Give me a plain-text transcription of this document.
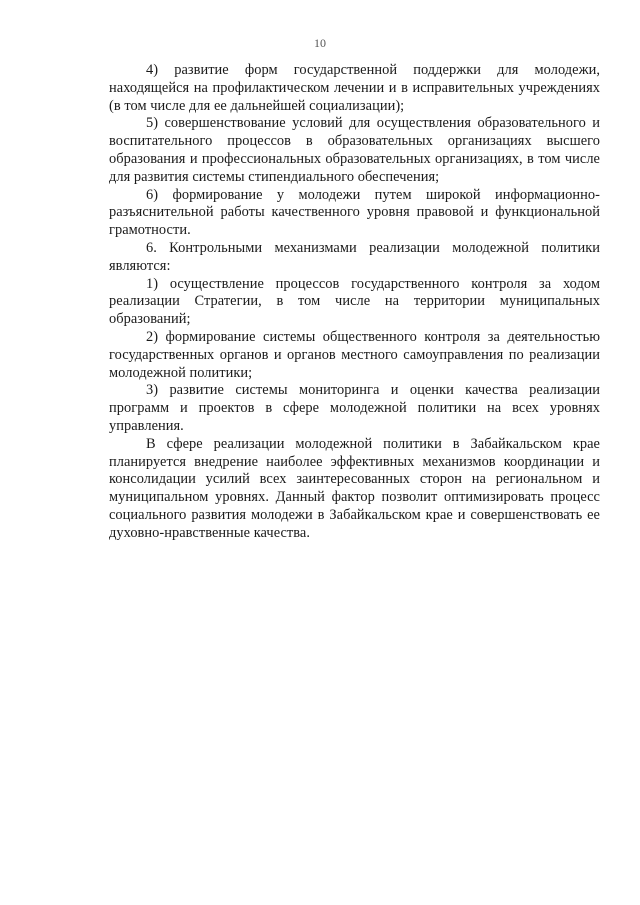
10

4) развитие форм государственной поддержки для молодежи, находящейся на профилактическом лечении и в исправительных учреждениях (в том числе для ее дальнейшей социализации);

5) совершенствование условий для осуществления образовательного и воспитательного процессов в образовательных организациях высшего образования и профессиональных образовательных организациях, в том числе для развития системы стипендиального обеспечения;

6) формирование у молодежи путем широкой информационно-разъяснительной работы качественного уровня правовой и функциональной грамотности.

6. Контрольными механизмами реализации молодежной политики являются:

1) осуществление процессов государственного контроля за ходом реализации Стратегии, в том числе на территории муниципальных образований;

2) формирование системы общественного контроля за деятельностью государственных органов и органов местного самоуправления по реализации молодежной политики;

3) развитие системы мониторинга и оценки качества реализации программ и проектов в сфере молодежной политики на всех уровнях управления.

В сфере реализации молодежной политики в Забайкальском крае планируется внедрение наиболее эффективных механизмов координации и консолидации усилий всех заинтересованных сторон на региональном и муниципальном уровнях. Данный фактор позволит оптимизировать процесс социального развития молодежи в Забайкальском крае и совершенствовать ее духовно-нравственные качества.
